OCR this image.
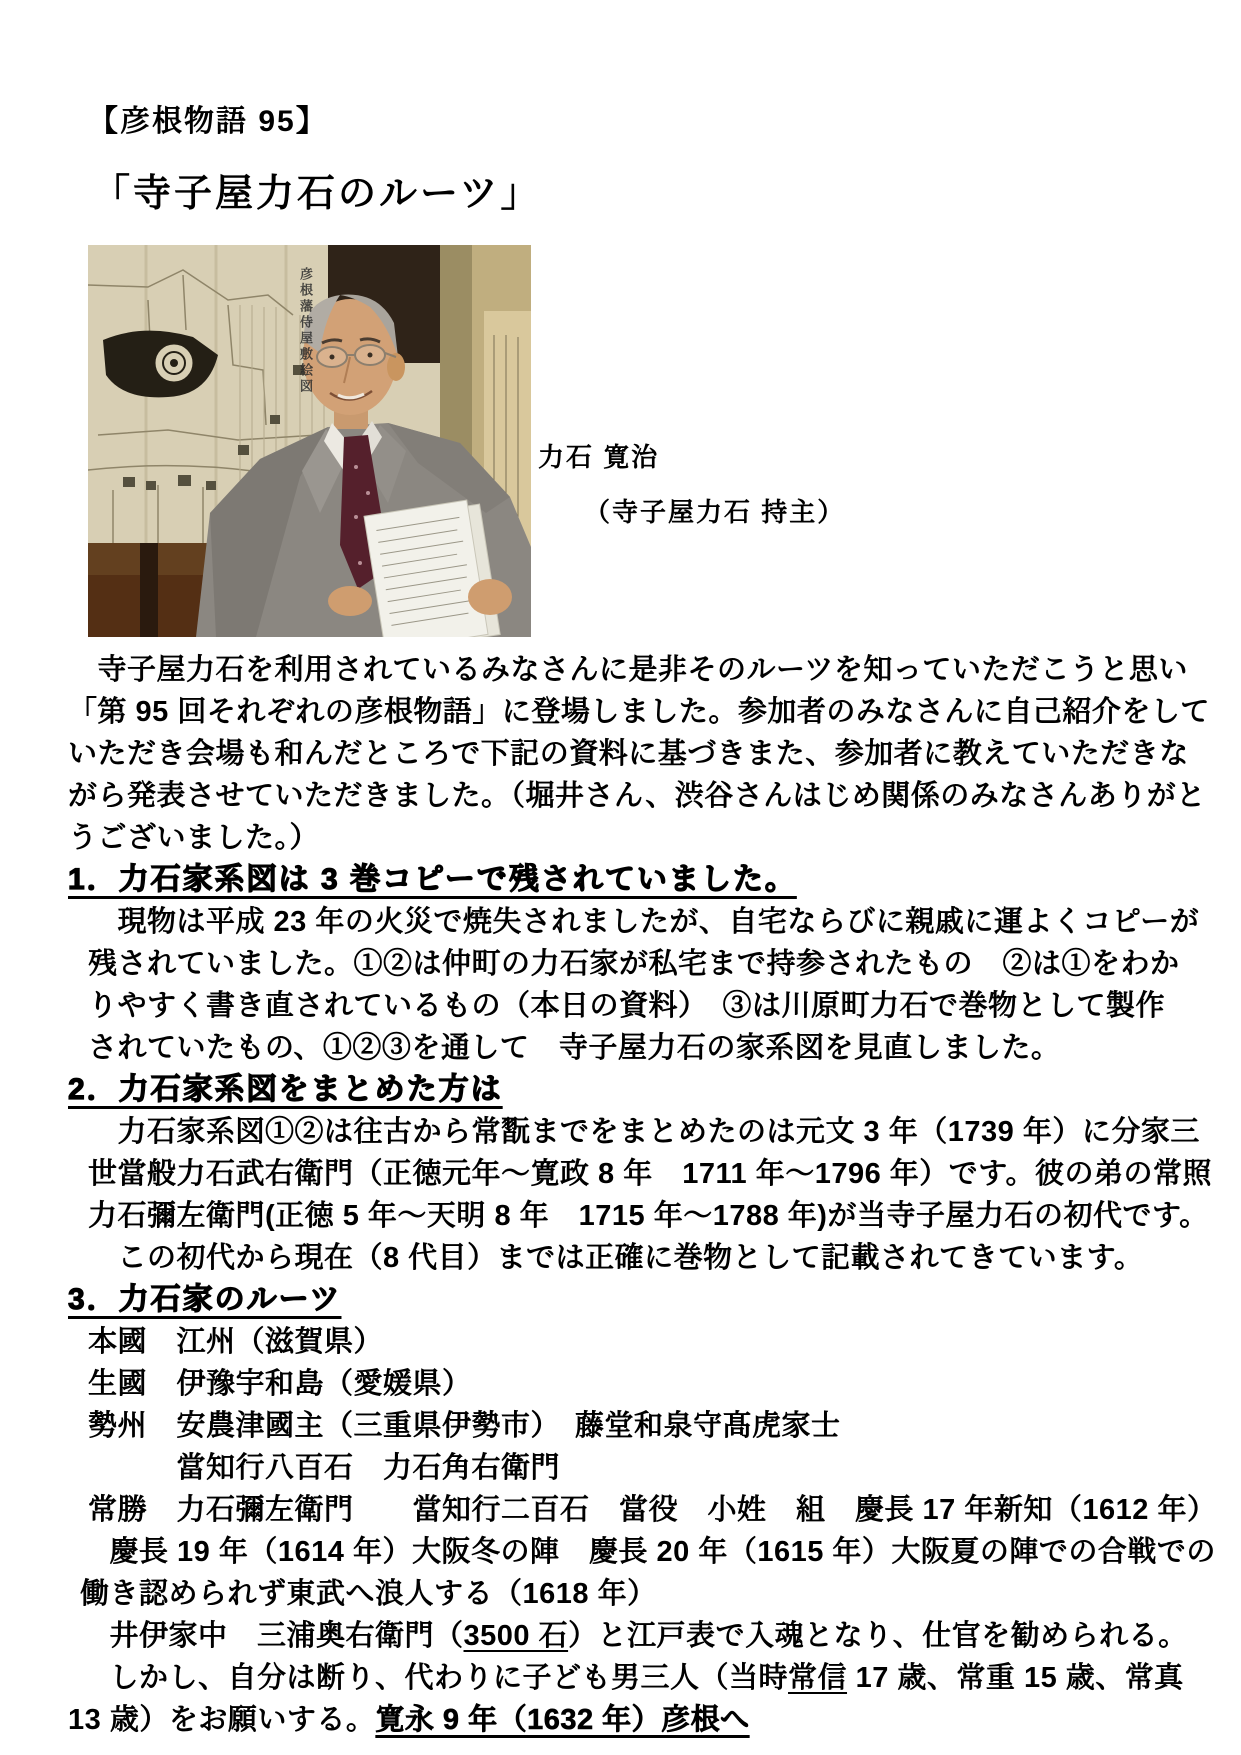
【彦根物語 95】
「寺子屋力石のルーツ」
彦根藩侍屋敷絵図
力石 寛治
（寺子屋力石 持主）
　寺子屋力石を利用されているみなさんに是非そのルーツを知っていただこうと思い
「第 95 回それぞれの彦根物語」に登場しました。参加者のみなさんに自己紹介をして
いただき会場も和んだところで下記の資料に基づきまた、参加者に教えていただきな
がら発表させていただきました。（堀井さん、渋谷さんはじめ関係のみなさんありがと
うございました。）
1．力石家系図は 3 巻コピーで残されていました。
　現物は平成 23 年の火災で焼失されましたが、自宅ならびに親戚に運よくコピーが
残されていました。①②は仲町の力石家が私宅まで持参されたもの　②は①をわか
りやすく書き直されているもの（本日の資料）　③は川原町力石で巻物として製作
されていたもの、①②③を通して　寺子屋力石の家系図を見直しました。
2．力石家系図をまとめた方は
　力石家系図①②は往古から常翫までをまとめたのは元文 3 年（1739 年）に分家三
世當般力石武右衛門（正徳元年～寛政 8 年　1711 年～1796 年）です。彼の弟の常照
力石彌左衛門(正徳 5 年～天明 8 年　1715 年～1788 年)が当寺子屋力石の初代です。
　この初代から現在（8 代目）までは正確に巻物として記載されてきています。
3．力石家のルーツ
本國　江州（滋賀県）
生國　伊豫宇和島（愛媛県）
勢州　安農津國主（三重県伊勢市）　藤堂和泉守髙虎家士
　　　當知行八百石　力石角右衛門
常勝　力石彌左衛門　　當知行二百石　當役　小姓　組　慶長 17 年新知（1612 年）
　慶長 19 年（1614 年）大阪冬の陣　慶長 20 年（1615 年）大阪夏の陣での合戦での
働き認められず東武へ浪人する（1618 年）
　井伊家中　三浦奥右衛門（3500 石）と江戸表で入魂となり、仕官を勧められる。
　しかし、自分は断り、代わりに子ども男三人（当時常信 17 歳、常重 15 歳、常真
13 歳）をお願いする。寛永 9 年（1632 年）彦根へ
